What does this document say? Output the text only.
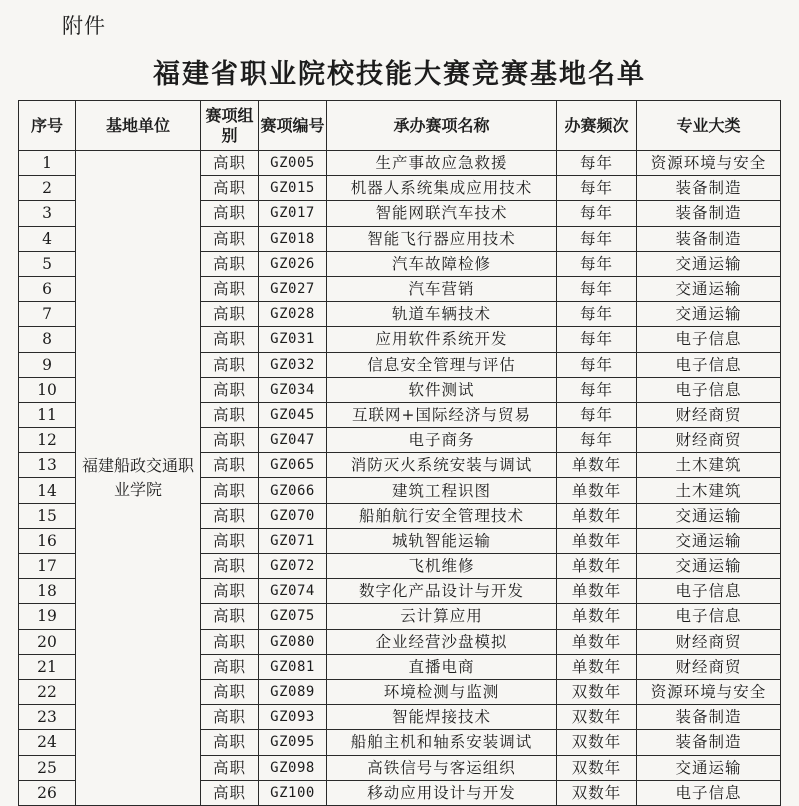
附件
福建省职业院校技能大赛竞赛基地名单
序号	基地单位	赛项组别	赛项编号	承办赛项名称	办赛频次	专业大类
1	福建船政交通职业学院	高职	GZ005	生产事故应急救援	每年	资源环境与安全
2		高职	GZ015	机器人系统集成应用技术	每年	装备制造
3		高职	GZ017	智能网联汽车技术	每年	装备制造
4		高职	GZ018	智能飞行器应用技术	每年	装备制造
5		高职	GZ026	汽车故障检修	每年	交通运输
6		高职	GZ027	汽车营销	每年	交通运输
7		高职	GZ028	轨道车辆技术	每年	交通运输
8		高职	GZ031	应用软件系统开发	每年	电子信息
9		高职	GZ032	信息安全管理与评估	每年	电子信息
10		高职	GZ034	软件测试	每年	电子信息
11		高职	GZ045	互联网+国际经济与贸易	每年	财经商贸
12		高职	GZ047	电子商务	每年	财经商贸
13		高职	GZ065	消防灭火系统安装与调试	单数年	土木建筑
14		高职	GZ066	建筑工程识图	单数年	土木建筑
15		高职	GZ070	船舶航行安全管理技术	单数年	交通运输
16		高职	GZ071	城轨智能运输	单数年	交通运输
17		高职	GZ072	飞机维修	单数年	交通运输
18		高职	GZ074	数字化产品设计与开发	单数年	电子信息
19		高职	GZ075	云计算应用	单数年	电子信息
20		高职	GZ080	企业经营沙盘模拟	单数年	财经商贸
21		高职	GZ081	直播电商	单数年	财经商贸
22		高职	GZ089	环境检测与监测	双数年	资源环境与安全
23		高职	GZ093	智能焊接技术	双数年	装备制造
24		高职	GZ095	船舶主机和轴系安装调试	双数年	装备制造
25		高职	GZ098	高铁信号与客运组织	双数年	交通运输
26		高职	GZ100	移动应用设计与开发	双数年	电子信息
